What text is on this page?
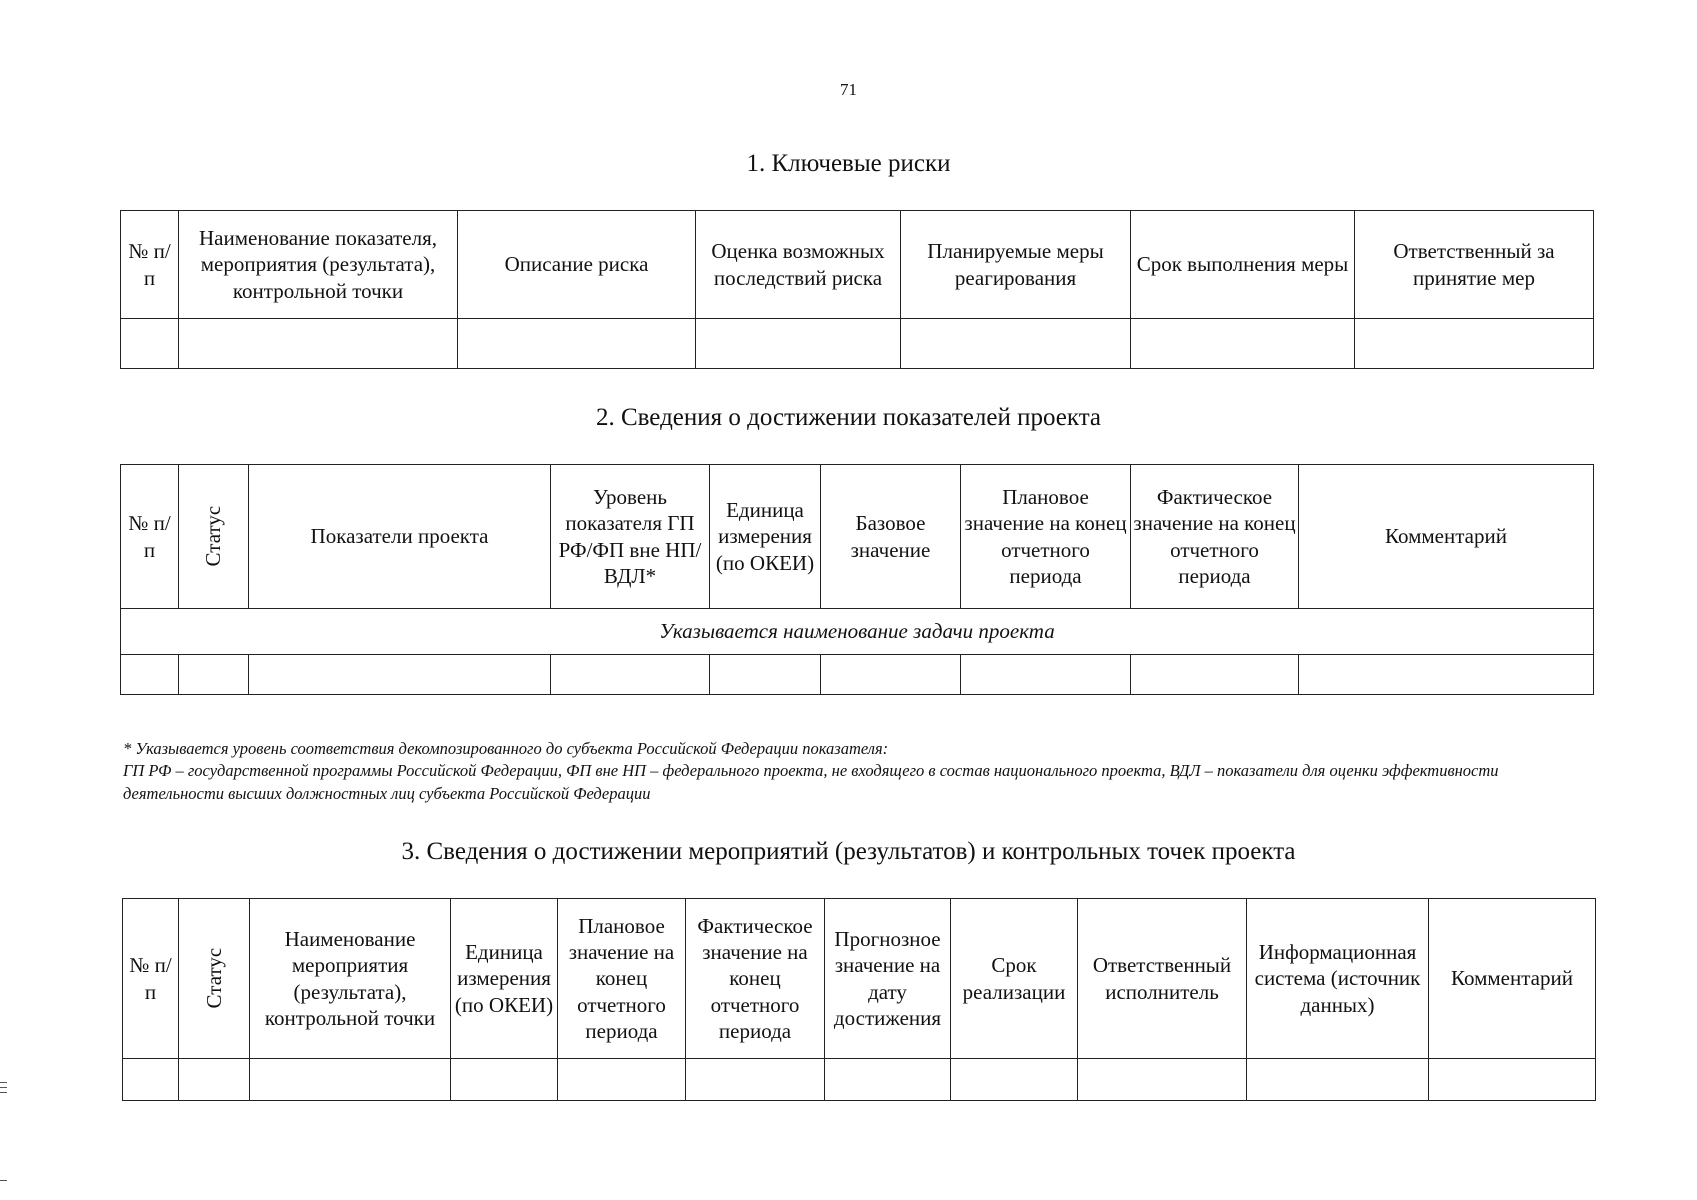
71
1. Ключевые риски
№ п/п	Наименование показателя, мероприятия (результата), контрольной точки	Описание риска	Оценка возможных последствий риска	Планируемые меры реагирования	Срок выполнения меры	Ответственный за принятие мер

2. Сведения о достижении показателей проекта
№ п/п	Статус	Показатели проекта	Уровень показателя ГП РФ/ФП вне НП/ВДЛ*	Единица измерения (по ОКЕИ)	Базовое значение	Плановое значение на конец отчетного периода	Фактическое значение на конец отчетного периода	Комментарий
Указывается наименование задачи проекта								

* Указывается уровень соответствия декомпозированного до субъекта Российской Федерации показателя:

ГП РФ – государственной программы Российской Федерации, ФП вне НП – федерального проекта, не входящего в состав национального проекта, ВДЛ – показатели для оценки эффективности деятельности высших должностных лиц субъекта Российской Федерации

3. Сведения о достижении мероприятий (результатов) и контрольных точек проекта
№ п/п	Статус	Наименование мероприятия (результата), контрольной точки	Единица измерения (по ОКЕИ)	Плановое значение на конец отчетного периода	Фактическое значение на конец отчетного периода	Прогнозное значение на дату достижения	Срок реализации	Ответственный исполнитель	Информационная система (источник данных)	Комментарий
